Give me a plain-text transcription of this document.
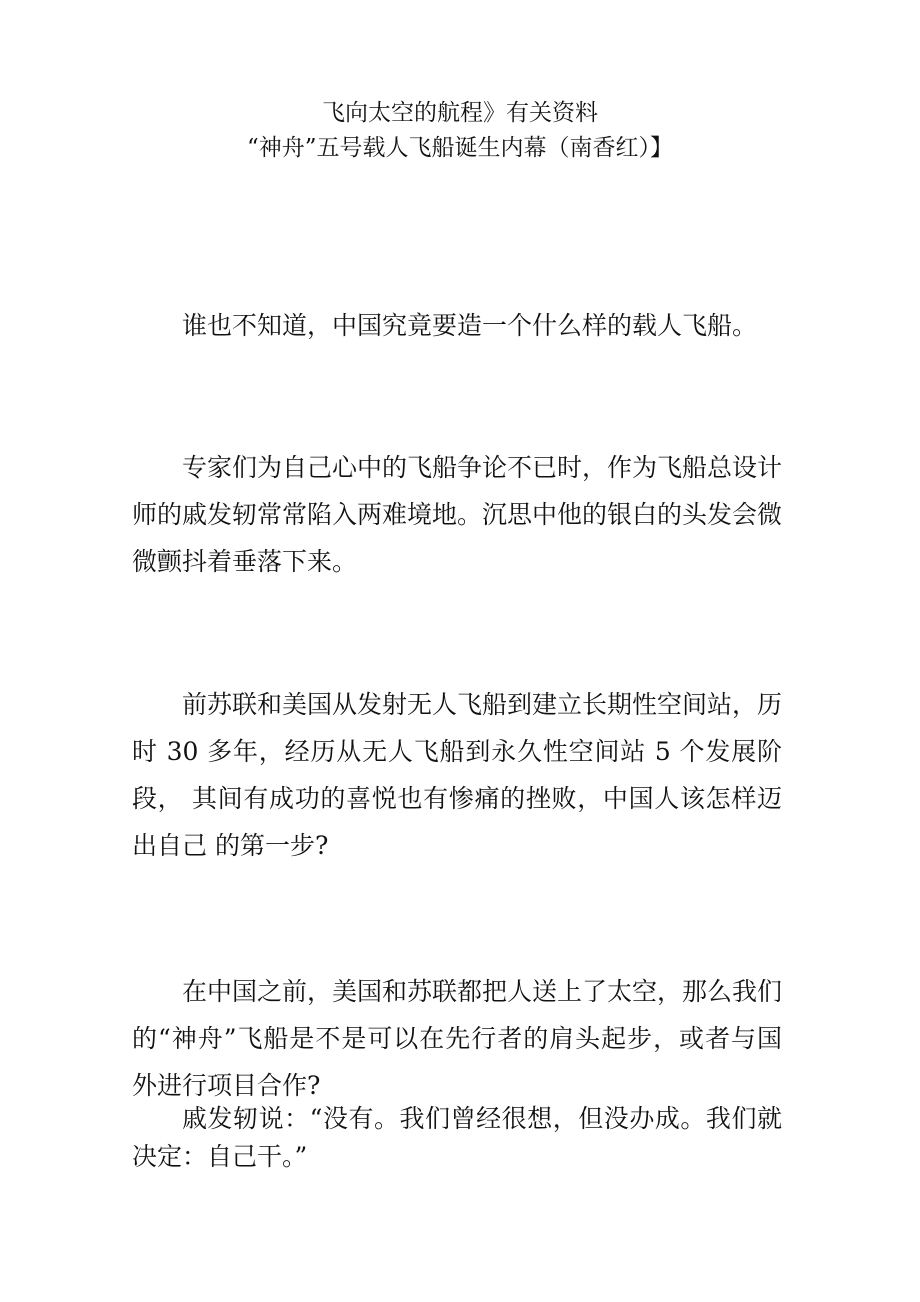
飞向太空的航程》有关资料
“神舟”五号载人飞船诞生内幕（南香红）】

谁也不知道，中国究竟要造一个什么样的载人飞船。

专家们为自己心中的飞船争论不已时，作为飞船总设计师的戚发轫常常陷入两难境地。沉思中他的银白的头发会微微颤抖着垂落下来。

前苏联和美国从发射无人飞船到建立长期性空间站，历时 30 多年，经历从无人飞船到永久性空间站 5 个发展阶段， 其间有成功的喜悦也有惨痛的挫败，中国人该怎样迈出自己 的第一步?

在中国之前，美国和苏联都把人送上了太空，那么我们的“神舟”飞船是不是可以在先行者的肩头起步，或者与国外进行项目合作?

戚发轫说：“没有。我们曾经很想，但没办成。我们就决定：自己干。”
